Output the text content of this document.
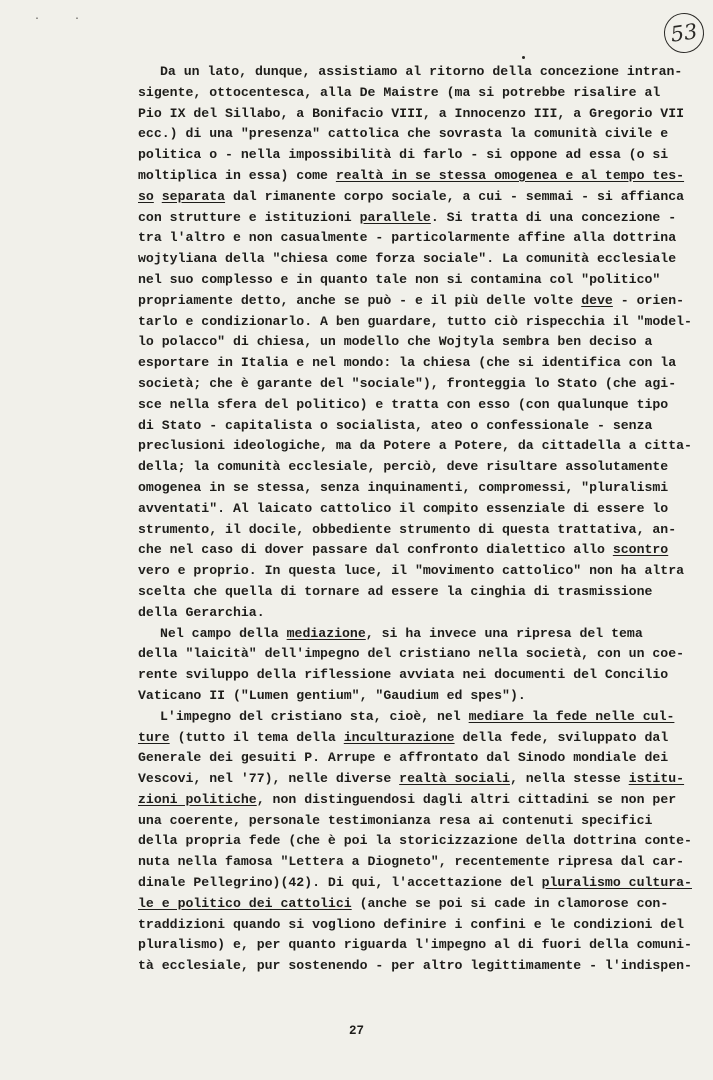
· ·	53
Da un lato, dunque, assistiamo al ritorno della concezione intran-
sigente, ottocentesca, alla De Maistre (ma si potrebbe risalire al
Pio IX del Sillabo, a Bonifacio VIII, a Innocenzo III, a Gregorio VII
ecc.) di una "presenza" cattolica che sovrasta la comunità civile e
politica o - nella impossibilità di farlo - si oppone ad essa (o si
moltiplica in essa) come realtà in se stessa omogenea e al tempo tes-
so separata dal rimanente corpo sociale, a cui - semmai - si affianca
con strutture e istituzioni parallele. Si tratta di una concezione -
tra l'altro e non casualmente - particolarmente affine alla dottrina
wojtyliana della "chiesa come forza sociale". La comunità ecclesiale
nel suo complesso e in quanto tale non si contamina col "politico"
propriamente detto, anche se può - e il più delle volte deve - orien-
tarlo e condizionarlo. A ben guardare, tutto ciò rispecchia il "model-
lo polacco" di chiesa, un modello che Wojtyla sembra ben deciso a
esportare in Italia e nel mondo: la chiesa (che si identifica con la
società; che è garante del "sociale"), fronteggia lo Stato (che agi-
sce nella sfera del politico) e tratta con esso (con qualunque tipo
di Stato - capitalista o socialista, ateo o confessionale - senza
preclusioni ideologiche, ma da Potere a Potere, da cittadella a citta-
della; la comunità ecclesiale, perciò, deve risultare assolutamente
omogenea in se stessa, senza inquinamenti, compromessi, "pluralismi
avventati". Al laicato cattolico il compito essenziale di essere lo
strumento, il docile, obbediente strumento di questa trattativa, an-
che nel caso di dover passare dal confronto dialettico allo scontro
vero e proprio. In questa luce, il "movimento cattolico" non ha altra
scelta che quella di tornare ad essere la cinghia di trasmissione
della Gerarchia.
Nel campo della mediazione, si ha invece una ripresa del tema
della "laicità" dell'impegno del cristiano nella società, con un coe-
rente sviluppo della riflessione avviata nei documenti del Concilio
Vaticano II ("Lumen gentium", "Gaudium ed spes").
L'impegno del cristiano sta, cioè, nel mediare la fede nelle cul-
ture (tutto il tema della inculturazione della fede, sviluppato dal
Generale dei gesuiti P. Arrupe e affrontato dal Sinodo mondiale dei
Vescovi, nel '77), nelle diverse realtà sociali, nella stesse istitu-
zioni politiche, non distinguendosi dagli altri cittadini se non per
una coerente, personale testimonianza resa ai contenuti specifici
della propria fede (che è poi la storicizzazione della dottrina conte-
nuta nella famosa "Lettera a Diogneto", recentemente ripresa dal car-
dinale Pellegrino)(42). Di qui, l'accettazione del pluralismo cultura-
le e politico dei cattolici (anche se poi si cade in clamorose con-
traddizioni quando si vogliono definire i confini e le condizioni del
pluralismo) e, per quanto riguarda l'impegno al di fuori della comuni-
tà ecclesiale, pur sostenendo - per altro legittimamente - l'indispen-
27
